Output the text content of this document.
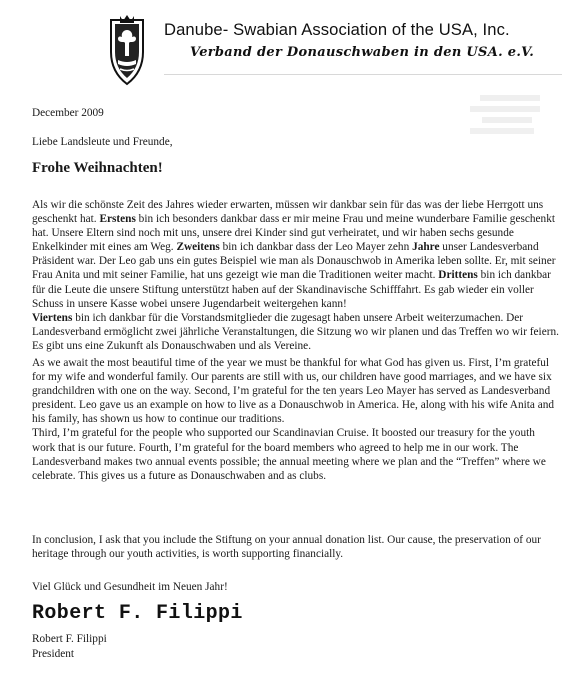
Danube- Swabian Association of the USA, Inc.
Verband der Donauschwaben in den USA. e.V.
December 2009
Liebe Landsleute und Freunde,
Frohe Weihnachten!
Als wir die schönste Zeit des Jahres wieder erwarten, müssen wir dankbar sein für das was der liebe Herrgott uns geschenkt hat. Erstens bin ich besonders dankbar dass er mir meine Frau und meine wunderbare Familie geschenkt hat. Unsere Eltern sind noch mit uns, unsere drei Kinder sind gut verheiratet, und wir haben sechs gesunde Enkelkinder mit eines am Weg. Zweitens bin ich dankbar dass der Leo Mayer zehn Jahre unser Landesverband Präsident war. Der Leo gab uns ein gutes Beispiel wie man als Donauschwob in Amerika leben sollte. Er, mit seiner Frau Anita und mit seiner Familie, hat uns gezeigt wie man die Traditionen weiter macht. Drittens bin ich dankbar für die Leute die unsere Stiftung unterstützt haben auf der Skandinavische Schifffahrt. Es gab wieder ein voller Schuss in unsere Kasse wobei unsere Jugendarbeit weitergehen kann!
Viertens bin ich dankbar für die Vorstandsmitglieder die zugesagt haben unsere Arbeit weiterzumachen. Der Landesverband ermöglicht zwei jährliche Veranstaltungen, die Sitzung wo wir planen und das Treffen wo wir feiern. Es gibt uns eine Zukunft als Donauschwaben und als Vereine.
As we await the most beautiful time of the year we must be thankful for what God has given us. First, I’m grateful for my wife and wonderful family. Our parents are still with us, our children have good marriages, and we have six grandchildren with one on the way. Second, I’m grateful for the ten years Leo Mayer has served as Landesverband president. Leo gave us an example on how to live as a Donauschwob in America. He, along with his wife Anita and his family, has shown us how to continue our traditions.
Third, I’m grateful for the people who supported our Scandinavian Cruise. It boosted our treasury for the youth work that is our future. Fourth, I’m grateful for the board members who agreed to help me in our work. The Landesverband makes two annual events possible; the annual meeting where we plan and the “Treffen” where we celebrate. This gives us a future as Donauschwaben and as clubs.
In conclusion, I ask that you include the Stiftung on your annual donation list. Our cause, the preservation of our heritage through our youth activities, is worth supporting financially.
Viel Glück und Gesundheit im Neuen Jahr!
Robert F. Filippi
Robert F. Filippi
President
